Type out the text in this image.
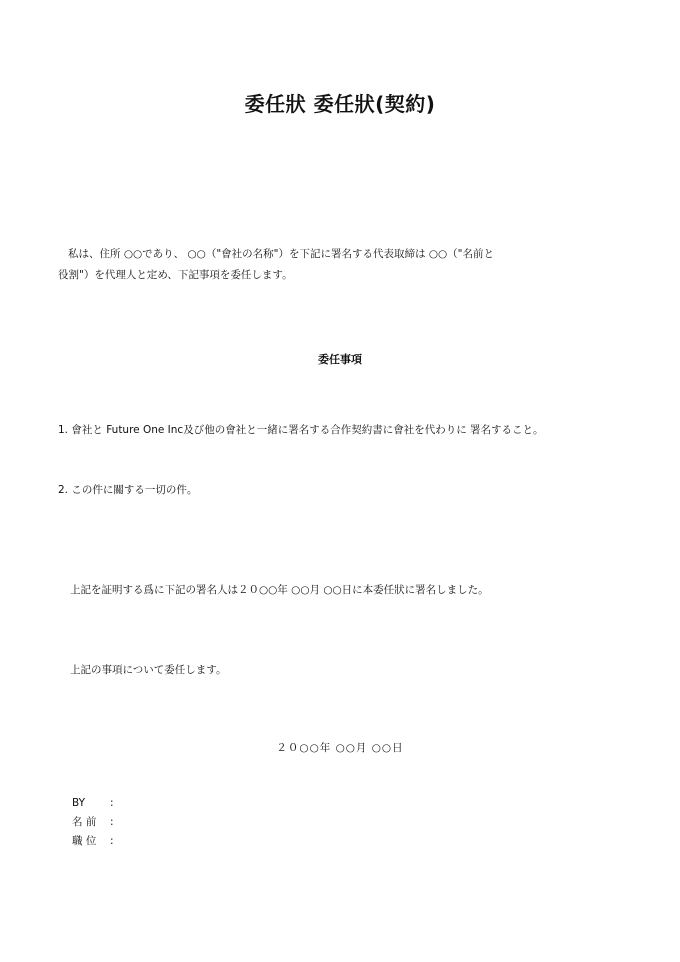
委任狀 委任狀(契約)
私は、住所 ○○であり、 ○○（"會社の名称"）を下記に署名する代表取締は ○○（"名前と
役割"）を代理人と定め、下記事項を委任します。
委任事項
1. 會社と Future One Inc及び他の會社と一緒に署名する合作契約書に會社を代わりに 署名すること。
2. この件に關する一切の件。
上記を証明する爲に下記の署名人は２０○○年 ○○月 ○○日に本委任狀に署名しました。
上記の事項について委任します。
２０○○年 ○○月 ○○日
BY :
名 前 :
職 位 :
